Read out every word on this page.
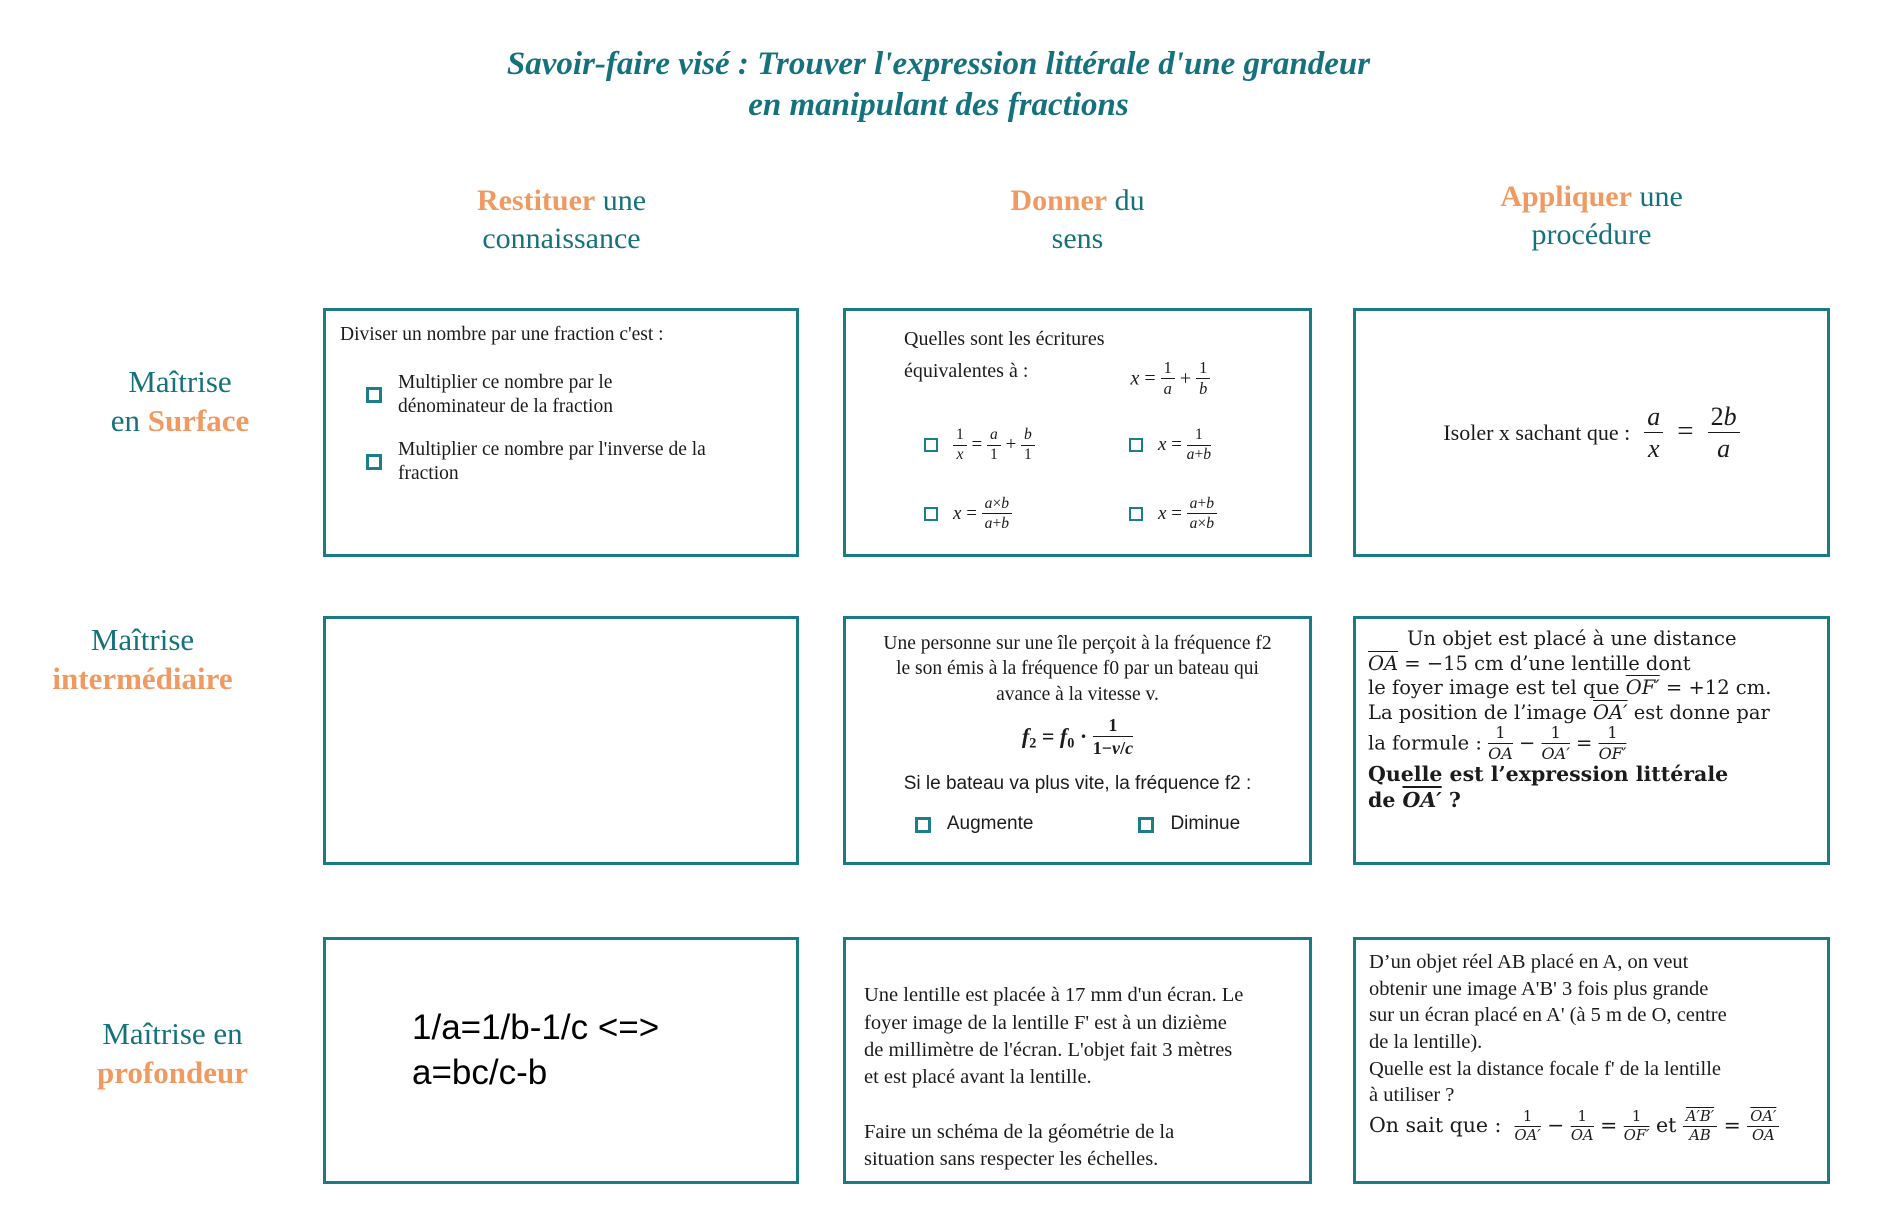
Savoir-faire visé : Trouver l'expression littérale d'une grandeur
en manipulant des fractions
Restituer une
connaissance
Donner du
sens
Appliquer une
procédure
Maîtrise
en Surface
Maîtrise
intermédiaire
Maîtrise en
profondeur
Diviser un nombre par une fraction c'est :
Multiplier ce nombre par le
dénominateur de la fraction
Multiplier ce nombre par l'inverse de la
fraction
Quelles sont les écritures
équivalentes à :	$x = \frac{1}{a} + \frac{1}{b}$
$\frac{1}{x} = \frac{a}{1} + \frac{b}{1}$	$x = \frac{1}{a+b}$
$x = \frac{a\times b}{a+b}$	$x = \frac{a+b}{a\times b}$
Isoler x sachant que : $\frac{a}{x} = \frac{2b}{a}$
Une personne sur une île perçoit à la fréquence f2
le son émis à la fréquence f0 par un bateau qui
avance à la vitesse v.
$f_2 = f_0 \cdot \frac{1}{1-v/c}$
Si le bateau va plus vite, la fréquence f2 :
Augmente	Diminue
  Un objet est placé à une distance
$\overline{OA} = -15$ cm d’une lentille dont
le foyer image est tel que OF′ = +12 cm.
La position de l’image OA′ est donne par
la formule : $\frac{1}{OA} - \frac{1}{OA'} = \frac{1}{OF'}$
Quelle est l’expression littérale
de OA′ ?
1/a=1/b-1/c <=>
a=bc/c-b

Une lentille est placée à 17 mm d'un écran. Le
foyer image de la lentille F' est à un dizième
de millimètre de l'écran. L'objet fait 3 mètres
et est placé avant la lentille.

Faire un schéma de la géométrie de la
situation sans respecter les échelles.

D’un objet réel AB placé en A, on veut
obtenir une image A'B' 3 fois plus grande
sur un écran placé en A' (à 5 m de O, centre
de la lentille).
Quelle est la distance focale f' de la lentille
à utiliser ?
On sait que : $\frac{1}{OA'} - \frac{1}{OA} = \frac{1}{OF'}$ et $\frac{A'B'}{AB} = \frac{OA'}{OA}$
